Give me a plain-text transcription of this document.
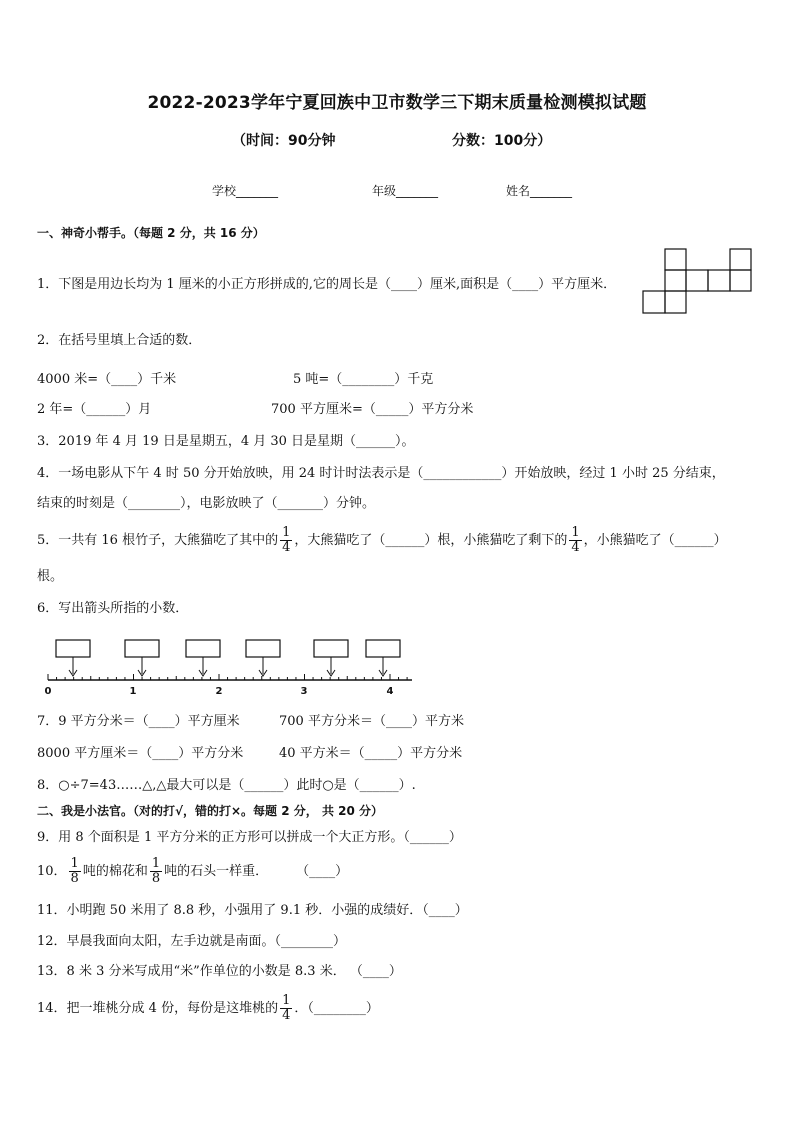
2022-2023学年宁夏回族中卫市数学三下期末质量检测模拟试题
（时间：90分钟	分数：100分）
学校_______	年级_______	姓名_______
一、神奇小帮手。（每题 2 分，共 16 分）
1．下图是用边长均为 1 厘米的小正方形拼成的,它的周长是（____）厘米,面积是（____）平方厘米．
2．在括号里填上合适的数．
4000 米=（____）千米	5 吨=（________）千克
2 年=（______）月	700 平方厘米=（_____）平方分米
3．2019 年 4 月 19 日是星期五，4 月 30 日是星期（______）。
4．一场电影从下午 4 时 50 分开始放映，用 24 时计时法表示是（____________）开始放映，经过 1 小时 25 分结束，
结束的时刻是（________），电影放映了（_______）分钟。
5．一共有 16 根竹子，大熊猫吃了其中的 $\frac{1}{4}$ ，大熊猫吃了（______）根，小熊猫吃了剩下的 $\frac{1}{4}$ ，小熊猫吃了（______）
根。
6．写出箭头所指的小数．
0	1	2	3	4
7．9 平方分米＝（____）平方厘米	700 平方分米＝（____）平方米
8000 平方厘米＝（____）平方分米	40 平方米＝（_____）平方分米
8．○÷7=43……△,△最大可以是（______）此时○是（______）.
二、我是小法官。（对的打√，错的打×。每题 2 分， 共 20 分）
9．用 8 个面积是 1 平方分米的正方形可以拼成一个大正方形。（______）
10． $\frac{1}{8}$ 吨的棉花和 $\frac{1}{8}$ 吨的石头一样重． （____）
11．小明跑 50 米用了 8.8 秒，小强用了 9.1 秒．小强的成绩好．（____）
12．早晨我面向太阳，左手边就是南面。（________）
13．8 米 3 分米写成用“米”作单位的小数是 8.3 米． （____）
14．把一堆桃分成 4 份，每份是这堆桃的 $\frac{1}{4}$ ．（________）
